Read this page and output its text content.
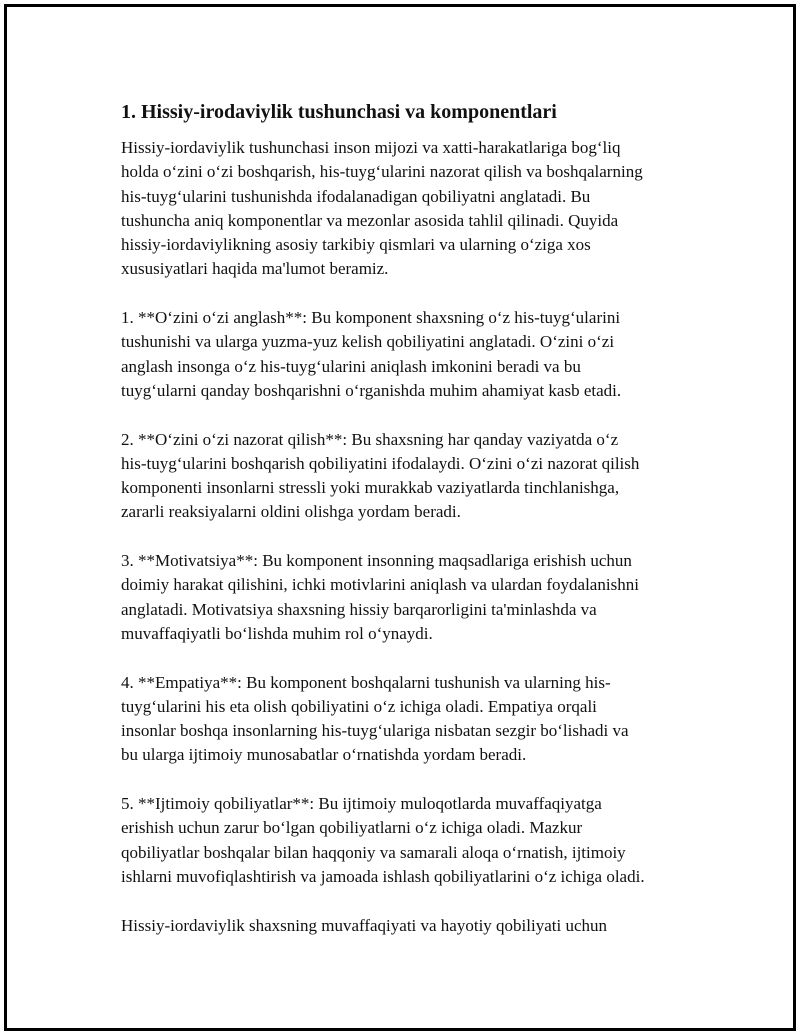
1. Hissiy-irodaviylik tushunchasi va komponentlari
Hissiy-iordaviylik tushunchasi inson mijozi va xatti-harakatlariga bog‘liq
holda o‘zini o‘zi boshqarish, his-tuyg‘ularini nazorat qilish va boshqalarning
his-tuyg‘ularini tushunishda ifodalanadigan qobiliyatni anglatadi. Bu
tushuncha aniq komponentlar va mezonlar asosida tahlil qilinadi. Quyida
hissiy-iordaviylikning asosiy tarkibiy qismlari va ularning o‘ziga xos
xususiyatlari haqida ma'lumot beramiz.
1. **O‘zini o‘zi anglash**: Bu komponent shaxsning o‘z his-tuyg‘ularini
tushunishi va ularga yuzma-yuz kelish qobiliyatini anglatadi. O‘zini o‘zi
anglash insonga o‘z his-tuyg‘ularini aniqlash imkonini beradi va bu
tuyg‘ularni qanday boshqarishni o‘rganishda muhim ahamiyat kasb etadi.
2. **O‘zini o‘zi nazorat qilish**: Bu shaxsning har qanday vaziyatda o‘z
his-tuyg‘ularini boshqarish qobiliyatini ifodalaydi. O‘zini o‘zi nazorat qilish
komponenti insonlarni stressli yoki murakkab vaziyatlarda tinchlanishga,
zararli reaksiyalarni oldini olishga yordam beradi.
3. **Motivatsiya**: Bu komponent insonning maqsadlariga erishish uchun
doimiy harakat qilishini, ichki motivlarini aniqlash va ulardan foydalanishni
anglatadi. Motivatsiya shaxsning hissiy barqarorligini ta'minlashda va
muvaffaqiyatli bo‘lishda muhim rol o‘ynaydi.
4. **Empatiya**: Bu komponent boshqalarni tushunish va ularning his-
tuyg‘ularini his eta olish qobiliyatini o‘z ichiga oladi. Empatiya orqali
insonlar boshqa insonlarning his-tuyg‘ulariga nisbatan sezgir bo‘lishadi va
bu ularga ijtimoiy munosabatlar o‘rnatishda yordam beradi.
5. **Ijtimoiy qobiliyatlar**: Bu ijtimoiy muloqotlarda muvaffaqiyatga
erishish uchun zarur bo‘lgan qobiliyatlarni o‘z ichiga oladi. Mazkur
qobiliyatlar boshqalar bilan haqqoniy va samarali aloqa o‘rnatish, ijtimoiy
ishlarni muvofiqlashtirish va jamoada ishlash qobiliyatlarini o‘z ichiga oladi.
Hissiy-iordaviylik shaxsning muvaffaqiyati va hayotiy qobiliyati uchun
